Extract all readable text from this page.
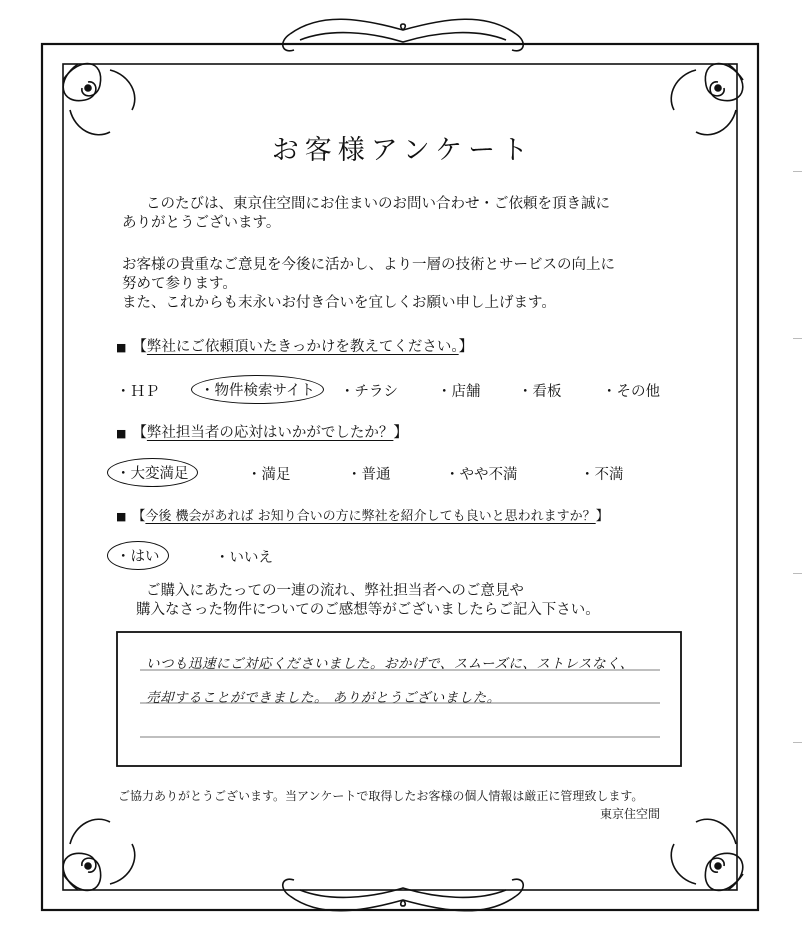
お客様アンケート
このたびは、東京住空間にお住まいのお問い合わせ・ご依頼を頂き誠に
ありがとうございます。
お客様の貴重なご意見を今後に活かし、より一層の技術とサービスの向上に
努めて参ります。
また、これからも末永いお付き合いを宜しくお願い申し上げます。
■ 【弊社にご依頼頂いたきっかけを教えてください。】
・ＨＰ	・物件検索サイト	・チラシ	・店舗	・看板	・その他
■ 【弊社担当者の応対はいかがでしたか？】
・大変満足	・満足	・普通	・やや不満	・不満
■ 【今後 機会があれば お知り合いの方に弊社を紹介しても良いと思われますか？】
・はい	・いいえ
ご購入にあたっての一連の流れ、弊社担当者へのご意見や
購入なさった物件についてのご感想等がございましたらご記入下さい。
いつも迅速にご対応くださいました。おかげで、スムーズに、ストレスなく、
売却することができました。 ありがとうございました。
ご協力ありがとうございます。当アンケートで取得したお客様の個人情報は厳正に管理致します。
東京住空間
